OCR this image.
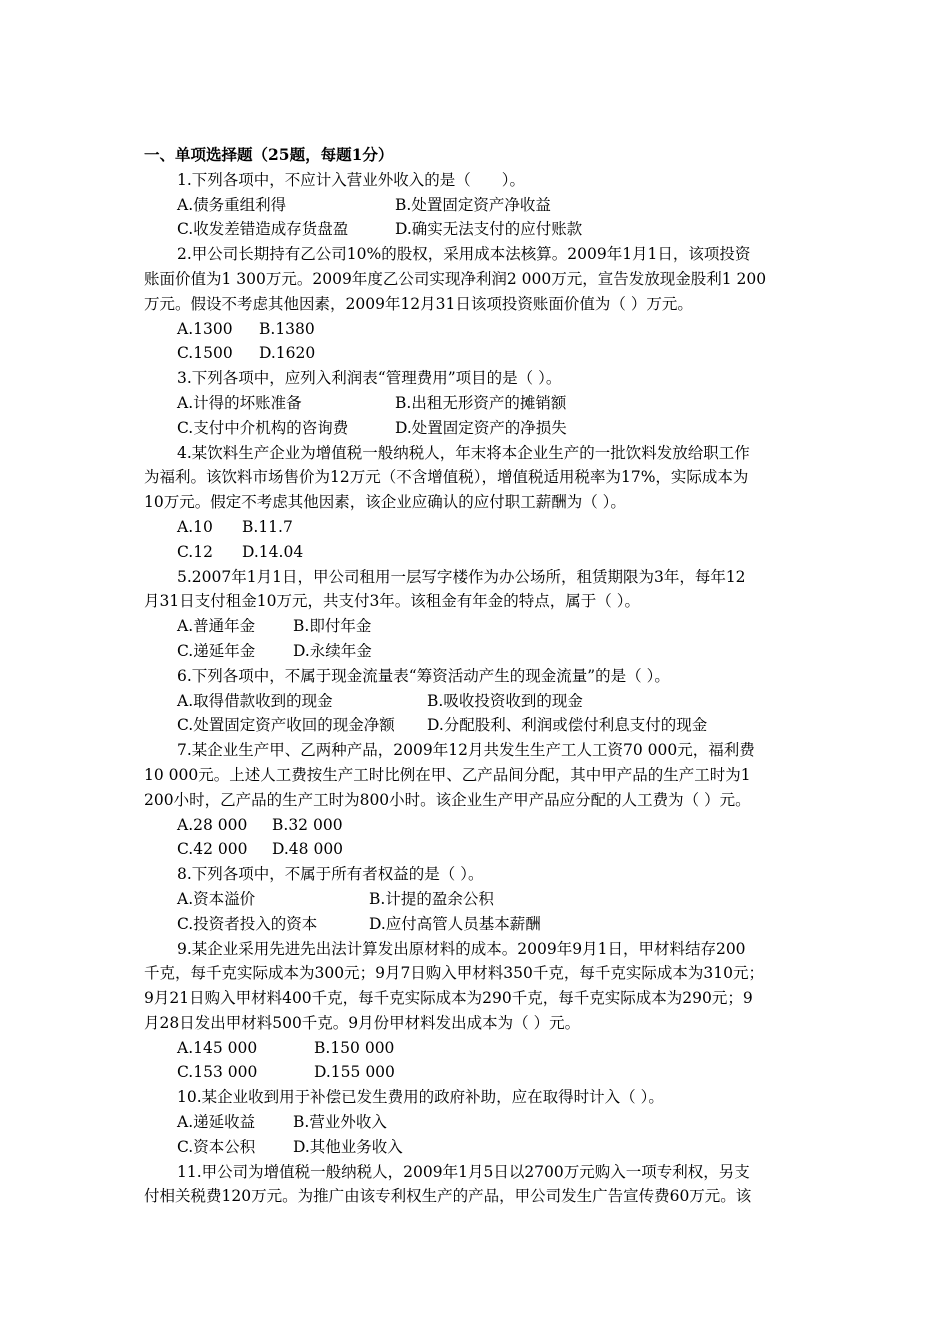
一、单项选择题（25题，每题1分）
1.下列各项中，不应计入营业外收入的是（　　）。
A.债务重组利得	B.处置固定资产净收益
C.收发差错造成存货盘盈	D.确实无法支付的应付账款
2.甲公司长期持有乙公司10%的股权，采用成本法核算。2009年1月1日，该项投资
账面价值为1 300万元。2009年度乙公司实现净利润2 000万元，宣告发放现金股利1 200
万元。假设不考虑其他因素，2009年12月31日该项投资账面价值为（ ）万元。
A.1300 B.1380
C.1500 D.1620
3.下列各项中，应列入利润表“管理费用”项目的是（ ）。
A.计得的坏账准备	B.出租无形资产的摊销额
C.支付中介机构的咨询费	D.处置固定资产的净损失
4.某饮料生产企业为增值税一般纳税人，年末将本企业生产的一批饮料发放给职工作
为福利。该饮料市场售价为12万元（不含增值税），增值税适用税率为17%，实际成本为
10万元。假定不考虑其他因素，该企业应确认的应付职工薪酬为（ ）。
A.10 B.11.7
C.12 D.14.04
5.2007年1月1日，甲公司租用一层写字楼作为办公场所，租赁期限为3年，每年12
月31日支付租金10万元，共支付3年。该租金有年金的特点，属于（ ）。
A.普通年金 B.即付年金
C.递延年金 D.永续年金
6.下列各项中，不属于现金流量表“筹资活动产生的现金流量”的是（ ）。
A.取得借款收到的现金	B.吸收投资收到的现金
C.处置固定资产收回的现金净额 D.分配股利、利润或偿付利息支付的现金
7.某企业生产甲、乙两种产品，2009年12月共发生生产工人工资70 000元，福利费
10 000元。上述人工费按生产工时比例在甲、乙产品间分配，其中甲产品的生产工时为1
200小时，乙产品的生产工时为800小时。该企业生产甲产品应分配的人工费为（ ）元。
A.28 000 B.32 000
C.42 000 D.48 000
8.下列各项中，不属于所有者权益的是（ ）。
A.资本溢价	B.计提的盈余公积
C.投资者投入的资本	D.应付高管人员基本薪酬
9.某企业采用先进先出法计算发出原材料的成本。2009年9月1日，甲材料结存200
千克，每千克实际成本为300元；9月7日购入甲材料350千克，每千克实际成本为310元；
9月21日购入甲材料400千克，每千克实际成本为290千克，每千克实际成本为290元；9
月28日发出甲材料500千克。9月份甲材料发出成本为（ ）元。
A.145 000	B.150 000
C.153 000	D.155 000
10.某企业收到用于补偿已发生费用的政府补助，应在取得时计入（ ）。
A.递延收益 B.营业外收入
C.资本公积 D.其他业务收入
11.甲公司为增值税一般纳税人，2009年1月5日以2700万元购入一项专利权，另支
付相关税费120万元。为推广由该专利权生产的产品，甲公司发生广告宣传费60万元。该
